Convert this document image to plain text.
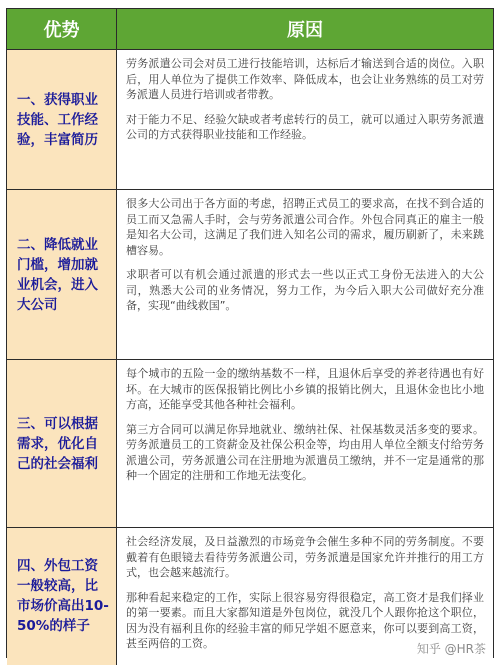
优势	原因
一、获得职业技能、工作经验，丰富简历

劳务派遣公司会对员工进行技能培训，达标后才输送到合适的岗位。入职后，用人单位为了提供工作效率、降低成本，也会让业务熟练的员工对劳务派遣人员进行培训或者带教。

对于能力不足、经验欠缺或者考虑转行的员工，就可以通过入职劳务派遣公司的方式获得职业技能和工作经验。

二、降低就业门槛，增加就业机会，进入大公司

很多大公司出于各方面的考虑，招聘正式员工的要求高，在找不到合适的员工而又急需人手时，会与劳务派遣公司合作。外包合同真正的雇主一般是知名大公司，这满足了我们进入知名公司的需求，履历刷新了，未来跳槽容易。

求职者可以有机会通过派遣的形式去一些以正式工身份无法进入的大公司，熟悉大公司的业务情况，努力工作，为今后入职大公司做好充分准备，实现“曲线救国”。

三、可以根据需求，优化自己的社会福利

每个城市的五险一金的缴纳基数不一样，且退休后享受的养老待遇也有好坏。在大城市的医保报销比例比小乡镇的报销比例大，且退休金也比小地方高，还能享受其他各种社会福利。

第三方合同可以满足你异地就业、缴纳社保、社保基数灵活多变的要求。劳务派遣员工的工资薪金及社保公积金等，均由用人单位全额支付给劳务派遣公司，劳务派遣公司在注册地为派遣员工缴纳，并不一定是通常的那种一个固定的注册和工作地无法变化。

四、外包工资一般较高，比市场价高出10-50%的样子

社会经济发展，及日益激烈的市场竞争会催生多种不同的劳务制度。不要戴着有色眼镜去看待劳务派遣公司，劳务派遣是国家允许并推行的用工方式，也会越来越流行。

那种看起来稳定的工作，实际上很容易穷得很稳定，高工资才是我们择业的第一要素。而且大家都知道是外包岗位，就没几个人跟你抢这个职位，因为没有福利且你的经验丰富的师兄学姐不愿意来，你可以要到高工资，甚至两倍的工资。	知乎 @HR茶
